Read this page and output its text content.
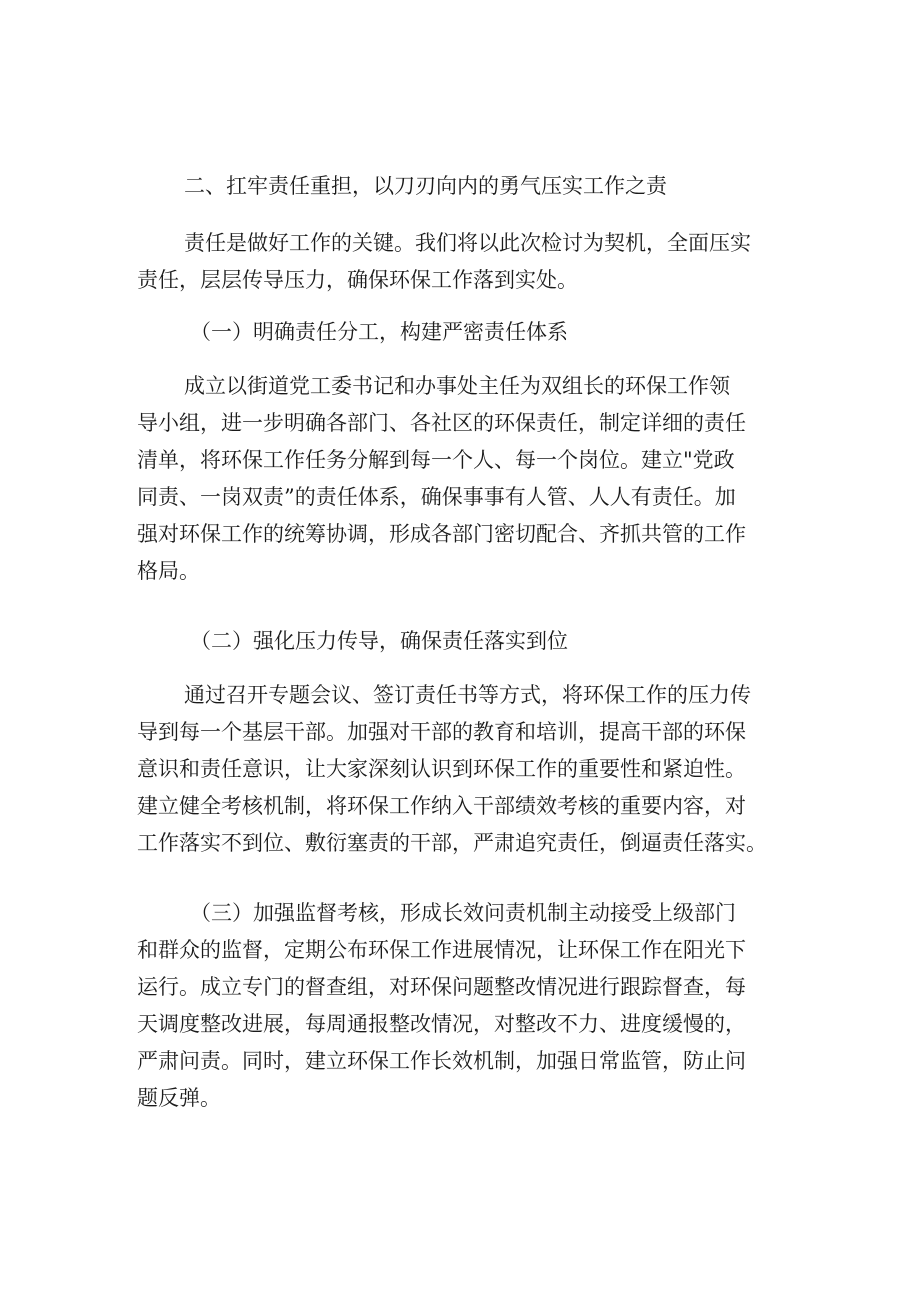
二、扛牢责任重担，以刀刃向内的勇气压实工作之责
责任是做好工作的关键。我们将以此次检讨为契机，全面压实
责任，层层传导压力，确保环保工作落到实处。
（一）明确责任分工，构建严密责任体系
成立以街道党工委书记和办事处主任为双组长的环保工作领
导小组，进一步明确各部门、各社区的环保责任，制定详细的责任
清单，将环保工作任务分解到每一个人、每一个岗位。建立"党政
同责、一岗双责”的责任体系，确保事事有人管、人人有责任。加
强对环保工作的统筹协调，形成各部门密切配合、齐抓共管的工作
格局。
（二）强化压力传导，确保责任落实到位
通过召开专题会议、签订责任书等方式，将环保工作的压力传
导到每一个基层干部。加强对干部的教育和培训，提高干部的环保
意识和责任意识，让大家深刻认识到环保工作的重要性和紧迫性。
建立健全考核机制，将环保工作纳入干部绩效考核的重要内容，对
工作落实不到位、敷衍塞责的干部，严肃追究责任，倒逼责任落实。
（三）加强监督考核，形成长效问责机制主动接受上级部门
和群众的监督，定期公布环保工作进展情况，让环保工作在阳光下
运行。成立专门的督查组，对环保问题整改情况进行跟踪督查，每
天调度整改进展，每周通报整改情况，对整改不力、进度缓慢的，
严肃问责。同时，建立环保工作长效机制，加强日常监管，防止问
题反弹。
